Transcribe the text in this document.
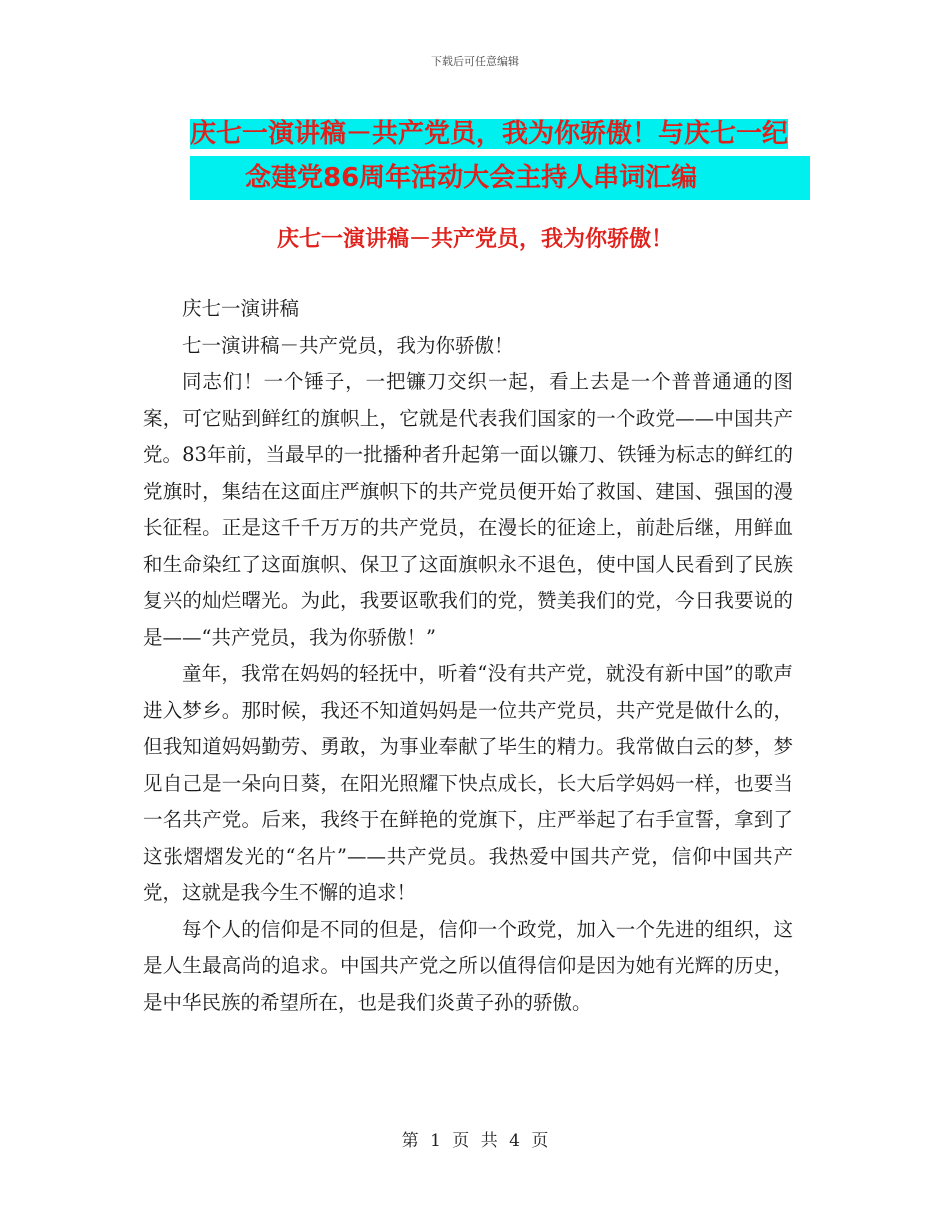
下载后可任意编辑
庆七一演讲稿－共产党员，我为你骄傲！与庆七一纪
念建党86周年活动大会主持人串词汇编
庆七一演讲稿－共产党员，我为你骄傲！

庆七一演讲稿

七一演讲稿－共产党员，我为你骄傲！

同志们！一个锤子，一把镰刀交织一起，看上去是一个普普通通的图案，可它贴到鲜红的旗帜上，它就是代表我们国家的一个政党——中国共产党。83年前，当最早的一批播种者升起第一面以镰刀、铁锤为标志的鲜红的党旗时，集结在这面庄严旗帜下的共产党员便开始了救国、建国、强国的漫长征程。正是这千千万万的共产党员，在漫长的征途上，前赴后继，用鲜血和生命染红了这面旗帜、保卫了这面旗帜永不退色，使中国人民看到了民族复兴的灿烂曙光。为此，我要讴歌我们的党，赞美我们的党，今日我要说的是——“共产党员，我为你骄傲！”

童年，我常在妈妈的轻抚中，听着“没有共产党，就没有新中国”的歌声进入梦乡。那时候，我还不知道妈妈是一位共产党员，共产党是做什么的，但我知道妈妈勤劳、勇敢，为事业奉献了毕生的精力。我常做白云的梦，梦见自己是一朵向日葵，在阳光照耀下快点成长，长大后学妈妈一样，也要当一名共产党。后来，我终于在鲜艳的党旗下，庄严举起了右手宣誓，拿到了这张熠熠发光的“名片”——共产党员。我热爱中国共产党，信仰中国共产党，这就是我今生不懈的追求！

每个人的信仰是不同的但是，信仰一个政党，加入一个先进的组织，这是人生最高尚的追求。中国共产党之所以值得信仰是因为她有光辉的历史，是中华民族的希望所在，也是我们炎黄子孙的骄傲。

第 1 页 共 4 页
